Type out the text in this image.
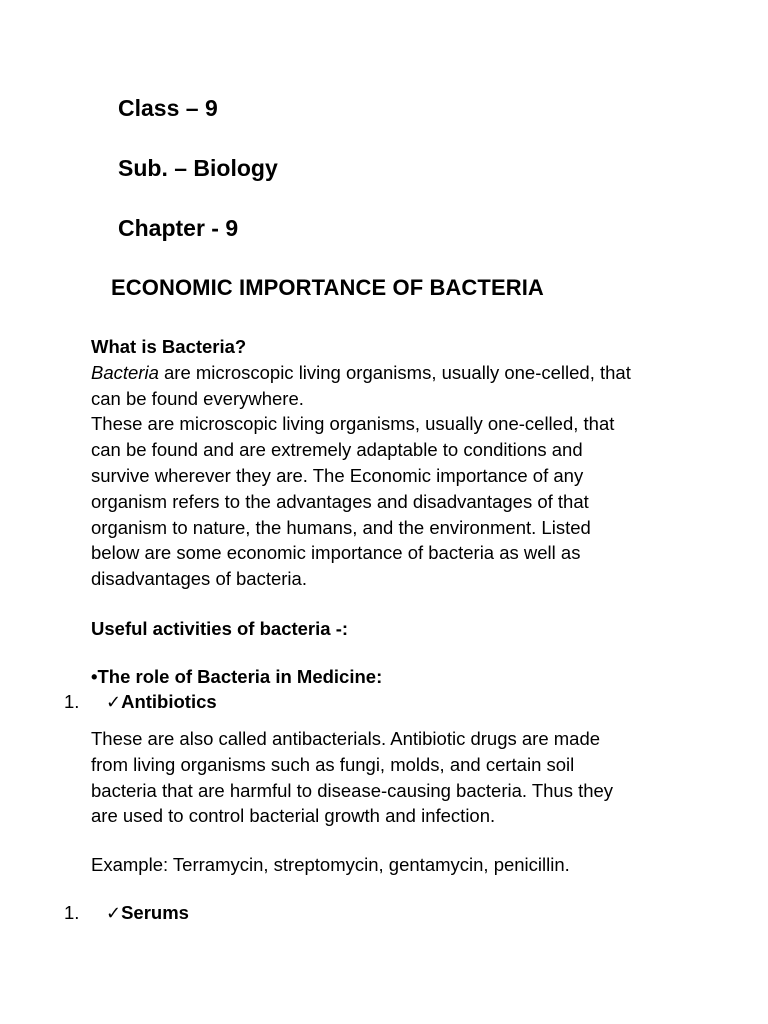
Class – 9
Sub. – Biology
Chapter - 9
ECONOMIC IMPORTANCE OF BACTERIA
What is Bacteria?
Bacteria are microscopic living organisms, usually one-celled, that
can be found everywhere.
These are microscopic living organisms, usually one-celled, that
can be found and are extremely adaptable to conditions and
survive wherever they are. The Economic importance of any
organism refers to the advantages and disadvantages of that
organism to nature, the humans, and the environment. Listed
below are some economic importance of bacteria as well as
disadvantages of bacteria.
Useful activities of bacteria -:
•The role of Bacteria in Medicine:
1. ✓Antibiotics
These are also called antibacterials. Antibiotic drugs are made
from living organisms such as fungi, molds, and certain soil
bacteria that are harmful to disease-causing bacteria. Thus they
are used to control bacterial growth and infection.
Example: Terramycin, streptomycin, gentamycin, penicillin.
1. ✓Serums
